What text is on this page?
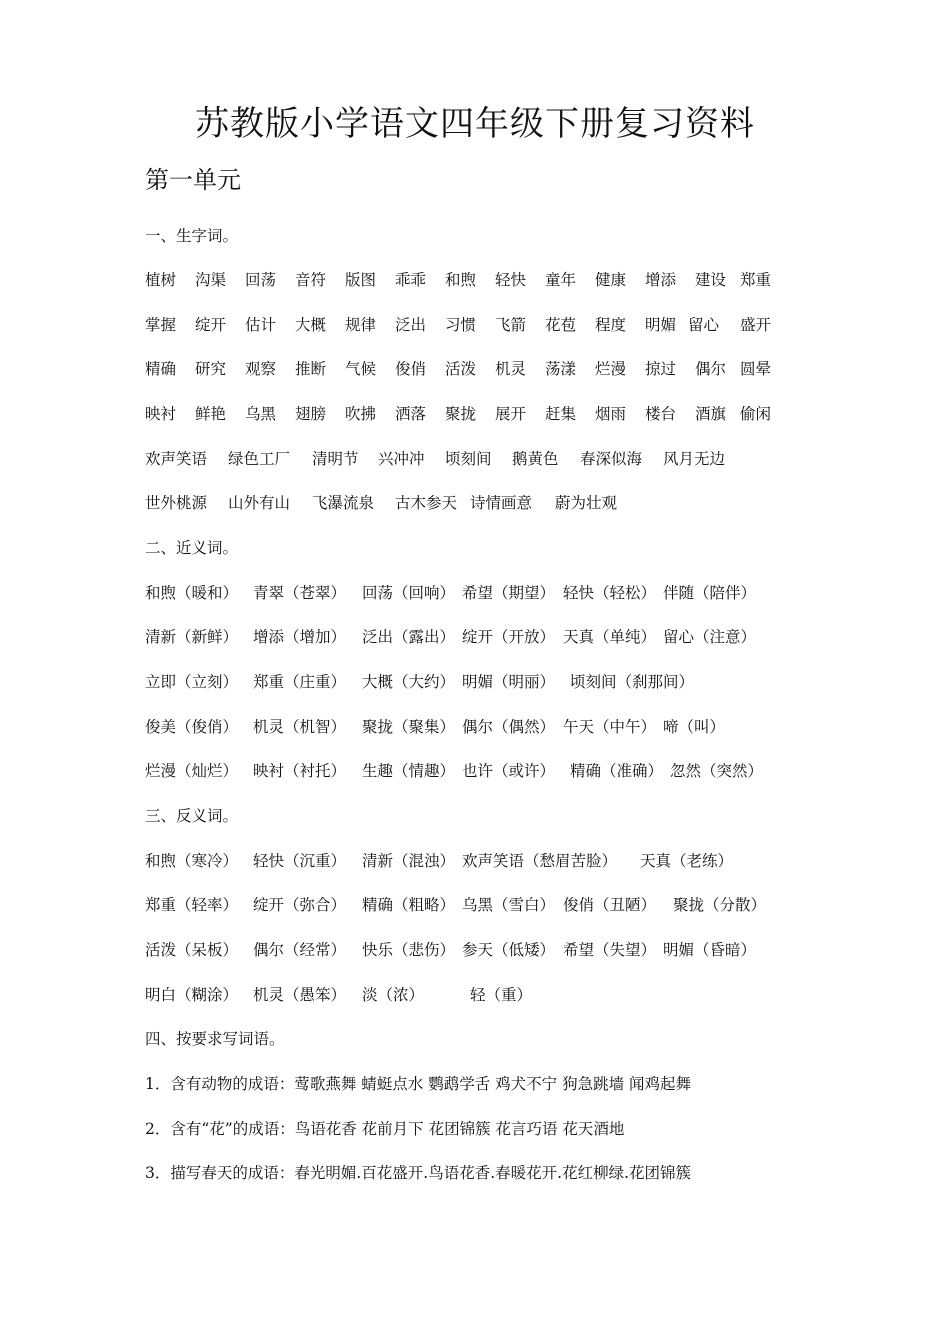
苏教版小学语文四年级下册复习资料
第一单元
一、生字词。
植树 沟渠 回荡 音符 版图 乖乖 和煦 轻快 童年 健康 增添 建设 郑重
掌握 绽开 估计 大概 规律 泛出 习惯 飞箭 花苞 程度 明媚 留心 盛开
精确 研究 观察 推断 气候 俊俏 活泼 机灵 荡漾 烂漫 掠过 偶尔 圆晕
映衬 鲜艳 乌黑 翅膀 吹拂 洒落 聚拢 展开 赶集 烟雨 楼台 酒旗 偷闲
欢声笑语 绿色工厂 清明节 兴冲冲 顷刻间 鹅黄色 春深似海 风月无边
世外桃源 山外有山 飞瀑流泉 古木参天 诗情画意 蔚为壮观
二、近义词。
和煦（暖和） 青翠（苍翠） 回荡（回响） 希望（期望） 轻快（轻松） 伴随（陪伴）
清新（新鲜） 增添（增加） 泛出（露出） 绽开（开放） 天真（单纯） 留心（注意）
立即（立刻） 郑重（庄重） 大概（大约） 明媚（明丽） 顷刻间（刹那间）
俊美（俊俏） 机灵（机智） 聚拢（聚集） 偶尔（偶然） 午天（中午） 啼（叫）
烂漫（灿烂） 映衬（衬托） 生趣（情趣） 也许（或许） 精确（准确） 忽然（突然）
三、反义词。
和煦（寒冷） 轻快（沉重） 清新（混浊） 欢声笑语（愁眉苦脸） 天真（老练）
郑重（轻率） 绽开（弥合） 精确（粗略） 乌黑（雪白） 俊俏（丑陋） 聚拢（分散）
活泼（呆板） 偶尔（经常） 快乐（悲伤） 参天（低矮） 希望（失望） 明媚（昏暗）
明白（糊涂） 机灵（愚笨） 淡（浓）	轻（重）
四、按要求写词语。
1．含有动物的成语：莺歌燕舞 蜻蜓点水 鹦鹉学舌 鸡犬不宁 狗急跳墙 闻鸡起舞
2．含有“花”的成语：鸟语花香 花前月下 花团锦簇 花言巧语 花天酒地
3．描写春天的成语：春光明媚.百花盛开.鸟语花香.春暖花开.花红柳绿.花团锦簇
